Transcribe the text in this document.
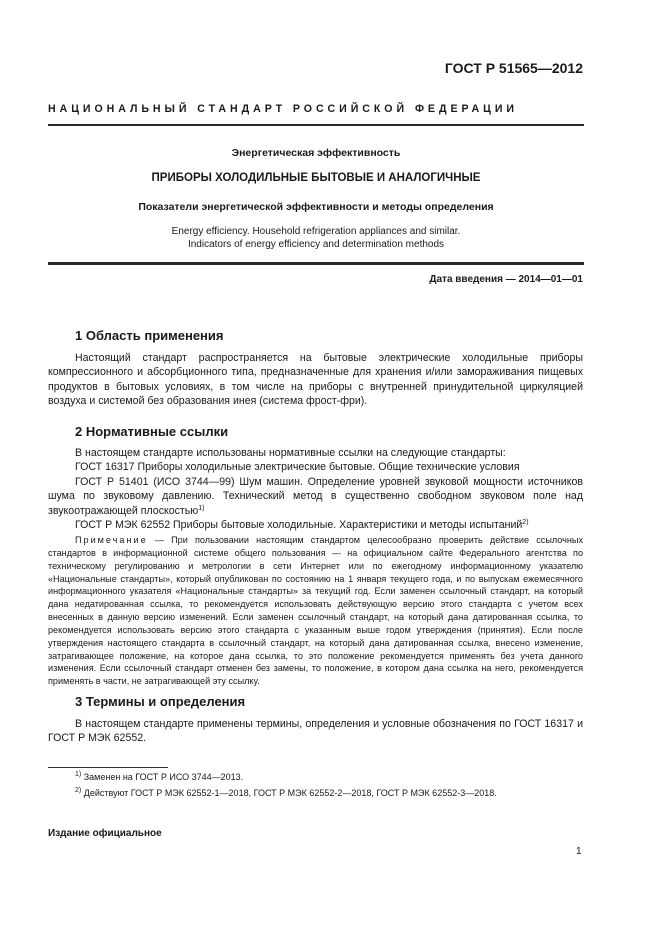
ГОСТ Р 51565—2012
НАЦИОНАЛЬНЫЙ СТАНДАРТ РОССИЙСКОЙ ФЕДЕРАЦИИ
Энергетическая эффективность
ПРИБОРЫ ХОЛОДИЛЬНЫЕ БЫТОВЫЕ И АНАЛОГИЧНЫЕ
Показатели энергетической эффективности и методы определения
Energy efficiency. Household refrigeration appliances and similar.
Indicators of energy efficiency and determination methods
Дата введения — 2014—01—01
1 Область применения

Настоящий стандарт распространяется на бытовые электрические холодильные приборы компрессионного и абсорбционного типа, предназначенные для хранения и/или замораживания пищевых продуктов в бытовых условиях, в том числе на приборы с внутренней принудительной циркуляцией воздуха и системой без образования инея (система фрост-фри).

2 Нормативные ссылки

В настоящем стандарте использованы нормативные ссылки на следующие стандарты:

ГОСТ 16317 Приборы холодильные электрические бытовые. Общие технические условия

ГОСТ Р 51401 (ИСО 3744—99) Шум машин. Определение уровней звуковой мощности источников шума по звуковому давлению. Технический метод в существенно свободном звуковом поле над звукоотражающей плоскостью$^{1)}$

ГОСТ Р МЭК 62552 Приборы бытовые холодильные. Характеристики и методы испытаний$^{2)}$

Примечание — При пользовании настоящим стандартом целесообразно проверить действие ссылочных стандартов в информационной системе общего пользования — на официальном сайте Федерального агентства по техническому регулированию и метрологии в сети Интернет или по ежегодному информационному указателю «Национальные стандарты», который опубликован по состоянию на 1 января текущего года, и по выпускам ежемесячного информационного указателя «Национальные стандарты» за текущий год. Если заменен ссылочный стандарт, на который дана недатированная ссылка, то рекомендуется использовать действующую версию этого стандарта с учетом всех внесенных в данную версию изменений. Если заменен ссылочный стандарт, на который дана датированная ссылка, то рекомендуется использовать версию этого стандарта с указанным выше годом утверждения (принятия). Если после утверждения настоящего стандарта в ссылочный стандарт, на который дана датированная ссылка, внесено изменение, затрагивающее положение, на которое дана ссылка, то это положение рекомендуется применять без учета данного изменения. Если ссылочный стандарт отменен без замены, то положение, в котором дана ссылка на него, рекомендуется применять в части, не затрагивающей эту ссылку.

3 Термины и определения

В настоящем стандарте применены термины, определения и условные обозначения по ГОСТ 16317 и ГОСТ Р МЭК 62552.

$^{1)}$ Заменен на ГОСТ Р ИСО 3744—2013.
$^{2)}$ Действуют ГОСТ Р МЭК 62552-1—2018, ГОСТ Р МЭК 62552-2—2018, ГОСТ Р МЭК 62552-3—2018.
Издание официальное
1
